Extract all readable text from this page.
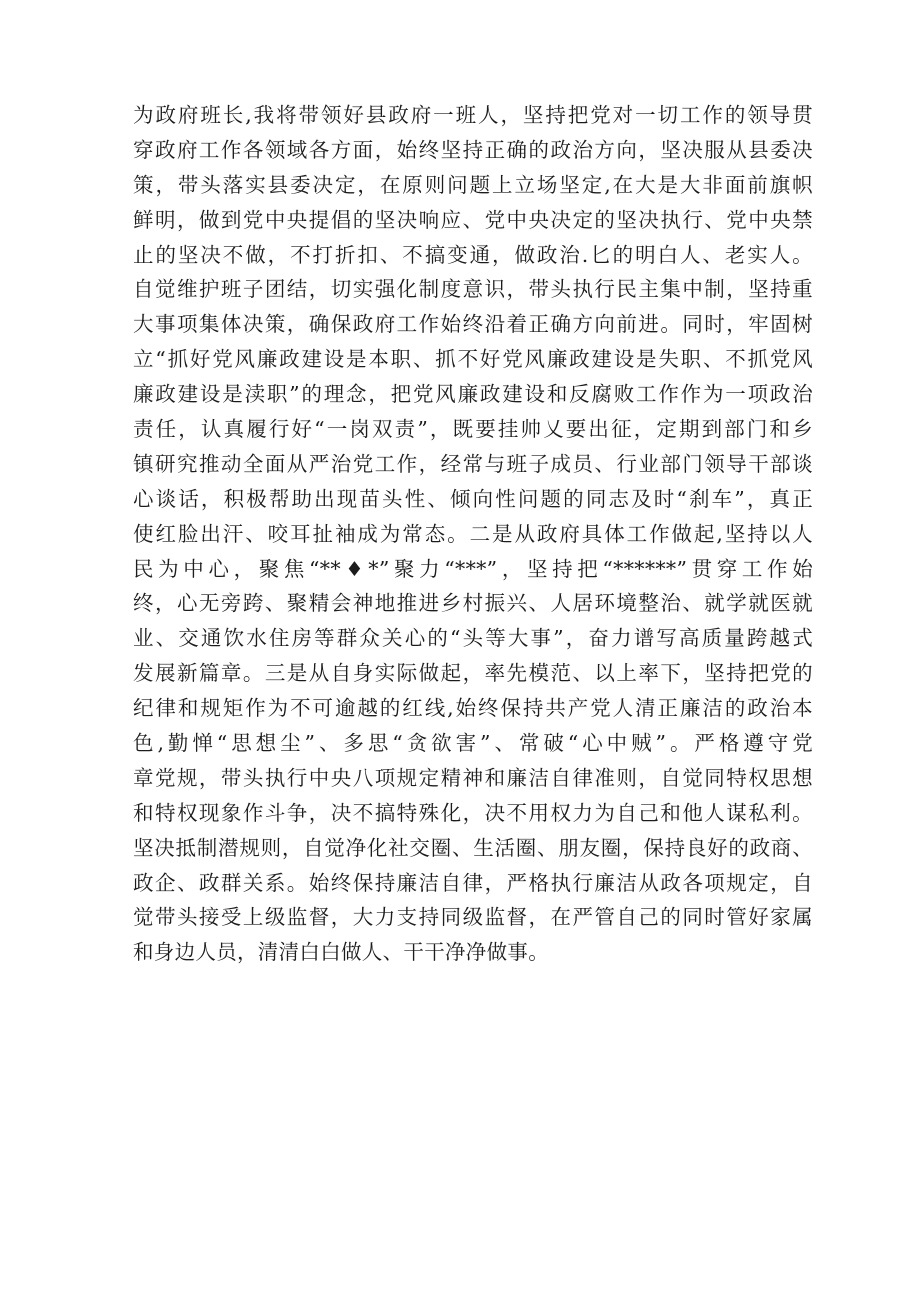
为政府班长,我将带领好县政府一班人，坚持把党对一切工作的领导贯
穿政府工作各领域各方面，始终坚持正确的政治方向，坚决服从县委决
策，带头落实县委决定，在原则问题上立场坚定,在大是大非面前旗帜
鲜明，做到党中央提倡的坚决响应、党中央决定的坚决执行、党中央禁
止的坚决不做，不打折扣、不搞变通，做政治.匕的明白人、老实人。
自觉维护班子团结，切实强化制度意识，带头执行民主集中制，坚持重
大事项集体决策，确保政府工作始终沿着正确方向前进。同时，牢固树
立“抓好党风廉政建设是本职、抓不好党风廉政建设是失职、不抓党风
廉政建设是渎职”的理念，把党风廉政建设和反腐败工作作为一项政治
责任，认真履行好“一岗双责”，既要挂帅乂要出征，定期到部门和乡
镇研究推动全面从严治党工作，经常与班子成员、行业部门领导干部谈
心谈话，积极帮助出现苗头性、倾向性问题的同志及时“刹车”，真正
使红脸出汗、咬耳扯袖成为常态。二是从政府具体工作做起,坚持以人
民为中心，聚焦“**♦*”聚力“***”，坚持把“******”贯穿工作始
终，心无旁跨、聚精会神地推进乡村振兴、人居环境整治、就学就医就
业、交通饮水住房等群众关心的“头等大事”，奋力谱写高质量跨越式
发展新篇章。三是从自身实际做起，率先模范、以上率下，坚持把党的
纪律和规矩作为不可逾越的红线,始终保持共产党人清正廉洁的政治本
色,勤惮“思想尘”、多思“贪欲害”、常破“心中贼”。严格遵守党
章党规，带头执行中央八项规定精神和廉洁自律准则，自觉同特权思想
和特权现象作斗争，决不搞特殊化，决不用权力为自己和他人谋私利。
坚决抵制潜规则，自觉净化社交圈、生活圈、朋友圈，保持良好的政商、
政企、政群关系。始终保持廉洁自律，严格执行廉洁从政各项规定，自
觉带头接受上级监督，大力支持同级监督，在严管自己的同时管好家属
和身边人员，清清白白做人、干干净净做事。
